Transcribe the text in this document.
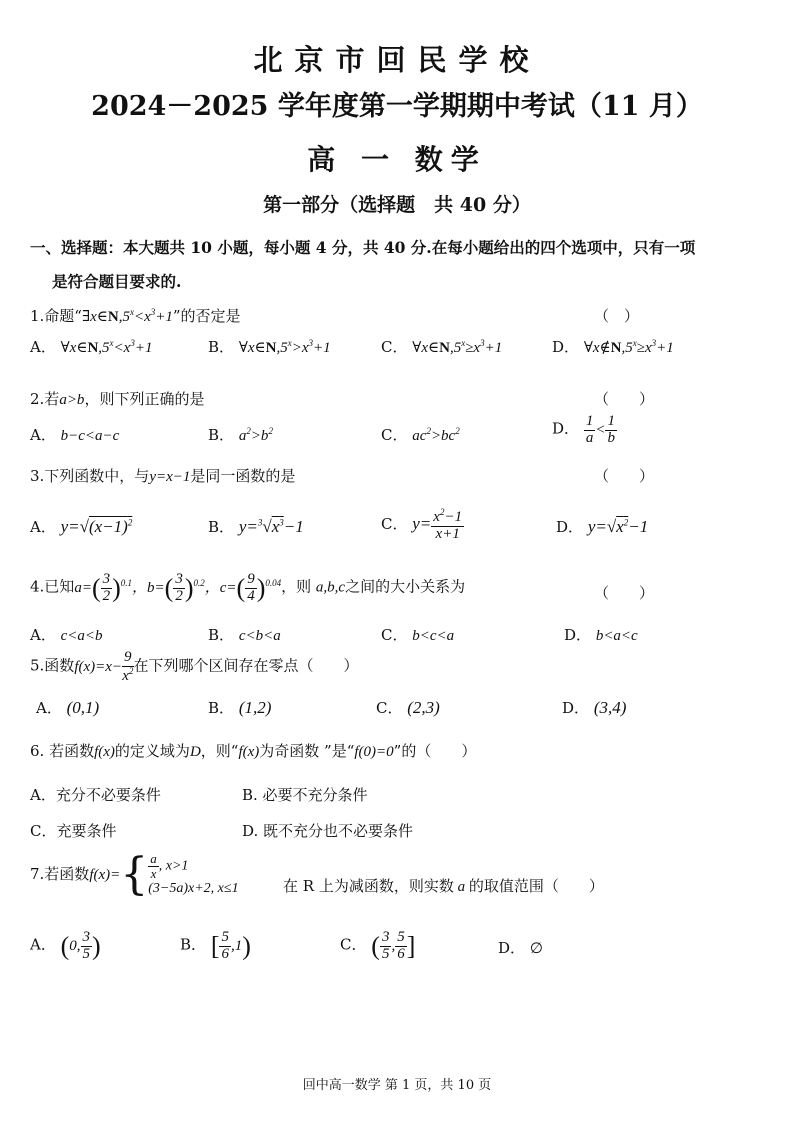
北京市回民学校
2024－2025 学年度第一学期期中考试（11 月）
高 一 数学
第一部分（选择题　共 40 分）
一、选择题：本大题共 10 小题，每小题 4 分，共 40 分.在每小题给出的四个选项中，只有一项
是符合题目要求的.
1.命题“$\exists x\in N,5^x<x^3+1$”的否定是	（　）
A． $\forall x\in N,5^x<x^3+1$	B． $\forall x\in N,5^x>x^3+1$	C． $\forall x\in N,5^x\ge x^3+1$	D． $\forall x\notin N,5^x\ge x^3+1$
2.若a>b，则下列正确的是	（　　）
A． b−c<a−c	B． $a^2>b^2$	C． $ac^2>bc^2$	D． $\frac{1}{a} < \frac{1}{b}$
3.下列函数中，与y=x−1是同一函数的是	（　　）
A． $y=√(x-1)^2$	B． $y=^3√x^3-1$	C． $y= \frac{x^2-1}{x+1}$	D． $y=√x^2-1$
4.已知$a=( \frac{3}{2} )^{0.1}$，$b=( \frac{3}{2} )^{0.2}$，$c=( \frac{9}{4} )^{0.04}$，则 a,b,c之间的大小关系为	（　　）
A． c<a<b	B． c<b<a	C． b<c<a	D． b<a<c
5.函数$f(x)=x- \frac{9}{x^2}$ 在下列哪个区间存在零点（　　）
A． (0,1)	B． (1,2)	C． (2,3)	D． (3,4)
6. 若函数f(x)的定义域为D，则“f(x)为奇函数 ”是“f(0)=0”的（　　）
A．充分不必要条件	B. 必要不充分条件
C．充要条件	D. 既不充分也不必要条件
7.若函数$f(x)=\{ \frac{a}{x}$ , x>1
(3−5a)x+2, x≤1	在 R 上为减函数，则实数 a 的取值范围（　　）
A． (0, $\frac{3}{5}$ )	B． [ $\frac{5}{6} ,1$)	C． ( $\frac{3}{5}$ , $\frac{5}{6}$ ]	D． ∅
回中高一数学 第 1 页，共 10 页
